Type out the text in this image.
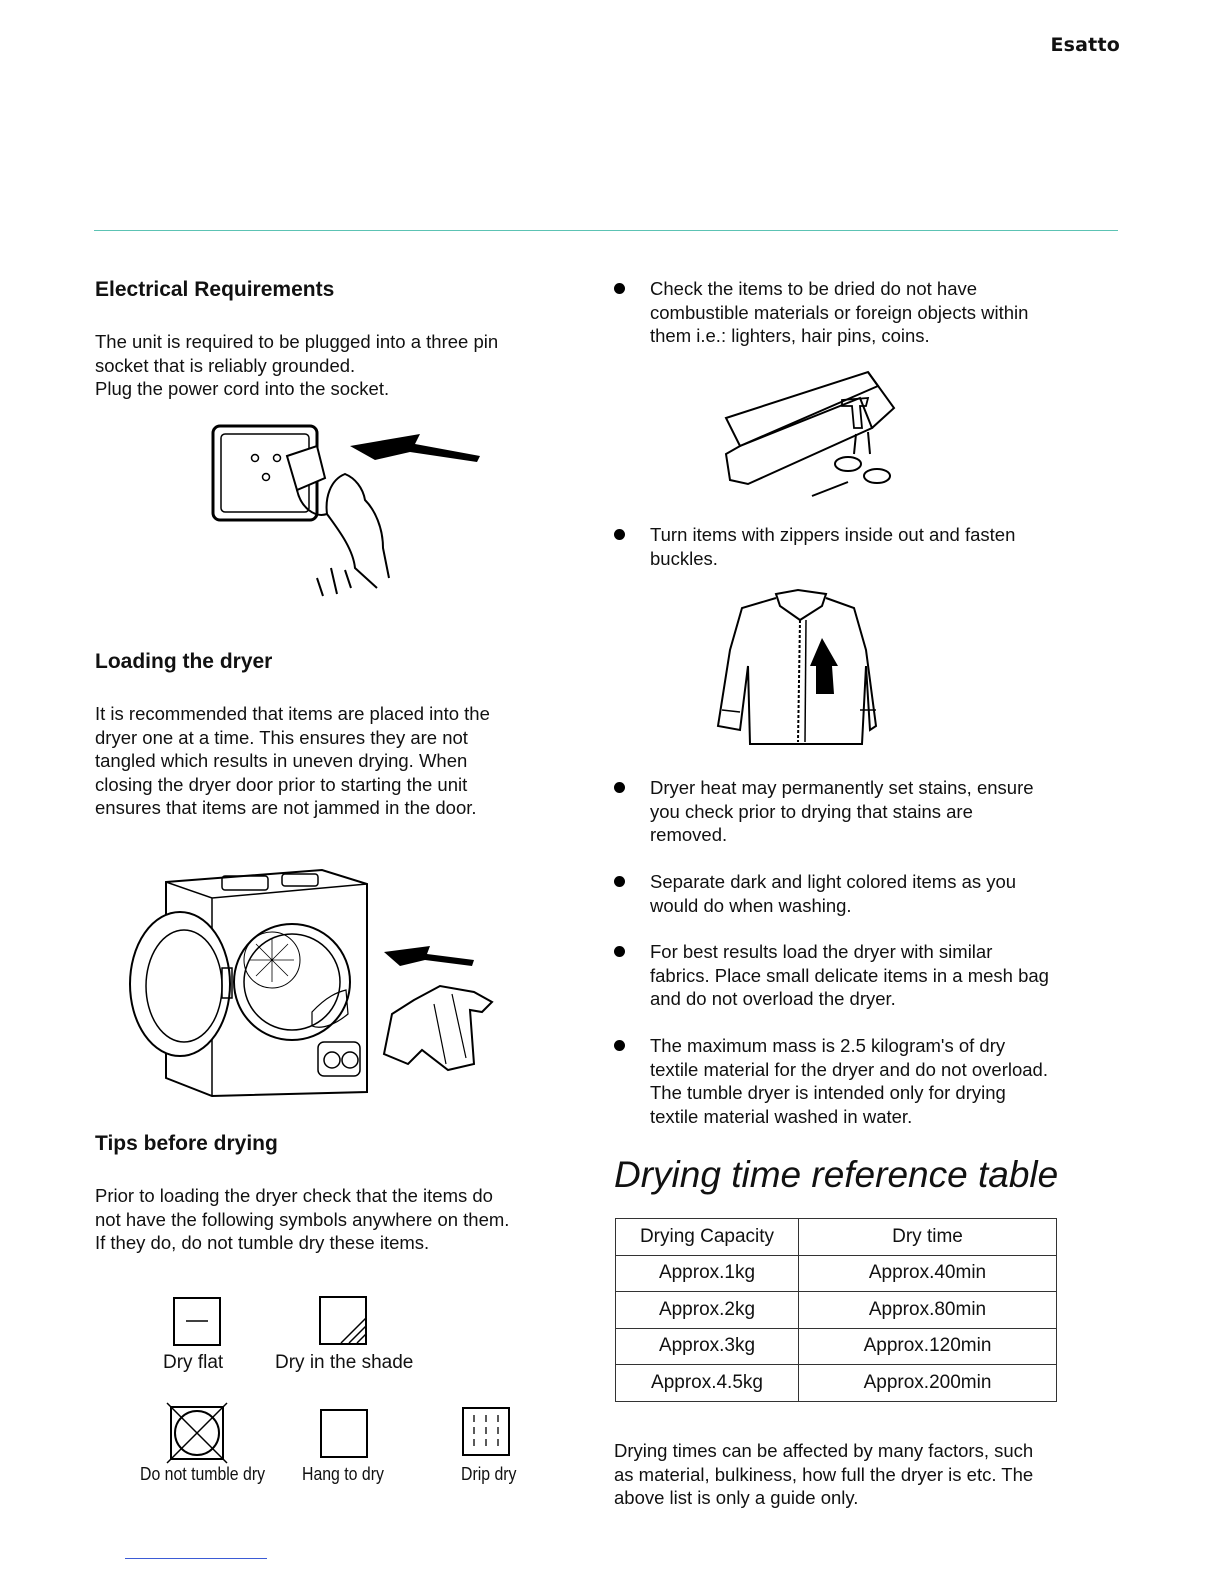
Esatto
Electrical Requirements
The unit is required to be plugged into a three pin
socket that is reliably grounded.
Plug the power cord into the socket.
Loading the dryer
It is recommended that items are placed into the
dryer one at a time. This ensures they are not
tangled which results in uneven drying. When
closing the dryer door prior to starting the unit
ensures that items are not jammed in the door.
Tips before drying
Prior to loading the dryer check that the items do
not have the following symbols anywhere on them.
If they do, do not tumble dry these items.
Dry flat	Dry in the shade
Do not tumble dry Hang to dry	Drip dry
Check the items to be dried do not have
combustible materials or foreign objects within
them i.e.: lighters, hair pins, coins.
Turn items with zippers inside out and fasten
buckles.
Dryer heat may permanently set stains, ensure
you check prior to drying that stains are
removed.
Separate dark and light colored items as you
would do when washing.
For best results load the dryer with similar
fabrics. Place small delicate items in a mesh bag
and do not overload the dryer.
The maximum mass is 2.5 kilogram's of dry
textile material for the dryer and do not overload.
The tumble dryer is intended only for drying
textile material washed in water.
Drying time reference table
Drying Capacity	Dry time
Approx.1kg	Approx.40min
Approx.2kg	Approx.80min
Approx.3kg	Approx.120min
Approx.4.5kg	Approx.200min
Drying times can be affected by many factors, such
as material, bulkiness, how full the dryer is etc. The
above list is only a guide only.
